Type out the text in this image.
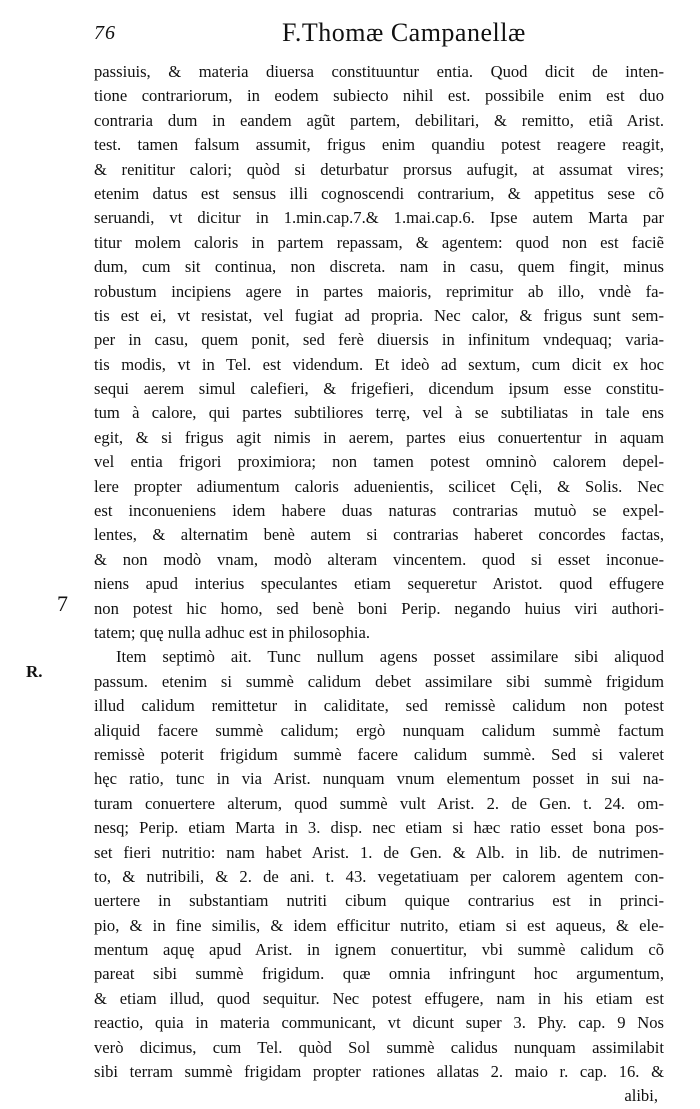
76	F.Thomæ Campanellæ
7
R.
passiuis, & materia diuersa constituuntur entia. Quod dicit de inten-
tione contrariorum, in eodem subiecto nihil est. possibile enim est duo
contraria dum in eandem agũt partem, debilitari, & remitto, etiã Arist.
test. tamen falsum assumit, frigus enim quandiu potest reagere reagit,
& renititur calori; quòd si deturbatur prorsus aufugit, at assumat vires;
etenim datus est sensus illi cognoscendi contrarium, & appetitus sese cõ
seruandi, vt dicitur in 1.min.cap.7.& 1.mai.cap.6. Ipse autem Marta par
titur molem caloris in partem repassam, & agentem: quod non est faciẽ
dum, cum sit continua, non discreta. nam in casu, quem fingit, minus
robustum incipiens agere in partes maioris, reprimitur ab illo, vndè fa-
tis est ei, vt resistat, vel fugiat ad propria. Nec calor, & frigus sunt sem-
per in casu, quem ponit, sed ferè diuersis in infinitum vndequaq; varia-
tis modis, vt in Tel. est videndum. Et ideò ad sextum, cum dicit ex hoc
sequi aerem simul calefieri, & frigefieri, dicendum ipsum esse constitu-
tum à calore, qui partes subtiliores terrę, vel à se subtiliatas in tale ens
egit, & si frigus agit nimis in aerem, partes eius conuertentur in aquam
vel entia frigori proximiora; non tamen potest omninò calorem depel-
lere propter adiumentum caloris aduenientis, scilicet Cęli, & Solis. Nec
est inconueniens idem habere duas naturas contrarias mutuò se expel-
lentes, & alternatim benè autem si contrarias haberet concordes factas,
& non modò vnam, modò alteram vincentem. quod si esset inconue-
niens apud interius speculantes etiam sequeretur Aristot. quod effugere
non potest hic homo, sed benè boni Perip. negando huius viri authori-
tatem; quę nulla adhuc est in philosophia.
Item septimò ait. Tunc nullum agens posset assimilare sibi aliquod
passum. etenim si summè calidum debet assimilare sibi summè frigidum
illud calidum remittetur in caliditate, sed remissè calidum non potest
aliquid facere summè calidum; ergò nunquam calidum summè factum
remissè poterit frigidum summè facere calidum summè. Sed si valeret
hęc ratio, tunc in via Arist. nunquam vnum elementum posset in sui na-
turam conuertere alterum, quod summè vult Arist. 2. de Gen. t. 24. om-
nesq; Perip. etiam Marta in 3. disp. nec etiam si hæc ratio esset bona pos-
set fieri nutritio: nam habet Arist. 1. de Gen. & Alb. in lib. de nutrimen-
to, & nutribili, & 2. de ani. t. 43. vegetatiuam per calorem agentem con-
uertere in substantiam nutriti cibum quique contrarius est in princi-
pio, & in fine similis, & idem efficitur nutrito, etiam si est aqueus, & ele-
mentum aquę apud Arist. in ignem conuertitur, vbi summè calidum cõ
pareat sibi summè frigidum. quæ omnia infringunt hoc argumentum,
& etiam illud, quod sequitur. Nec potest effugere, nam in his etiam est
reactio, quia in materia communicant, vt dicunt super 3. Phy. cap. 9 Nos
verò dicimus, cum Tel. quòd Sol summè calidus nunquam assimilabit
sibi terram summè frigidam propter rationes allatas 2. maio r. cap. 16. &
alibi,
